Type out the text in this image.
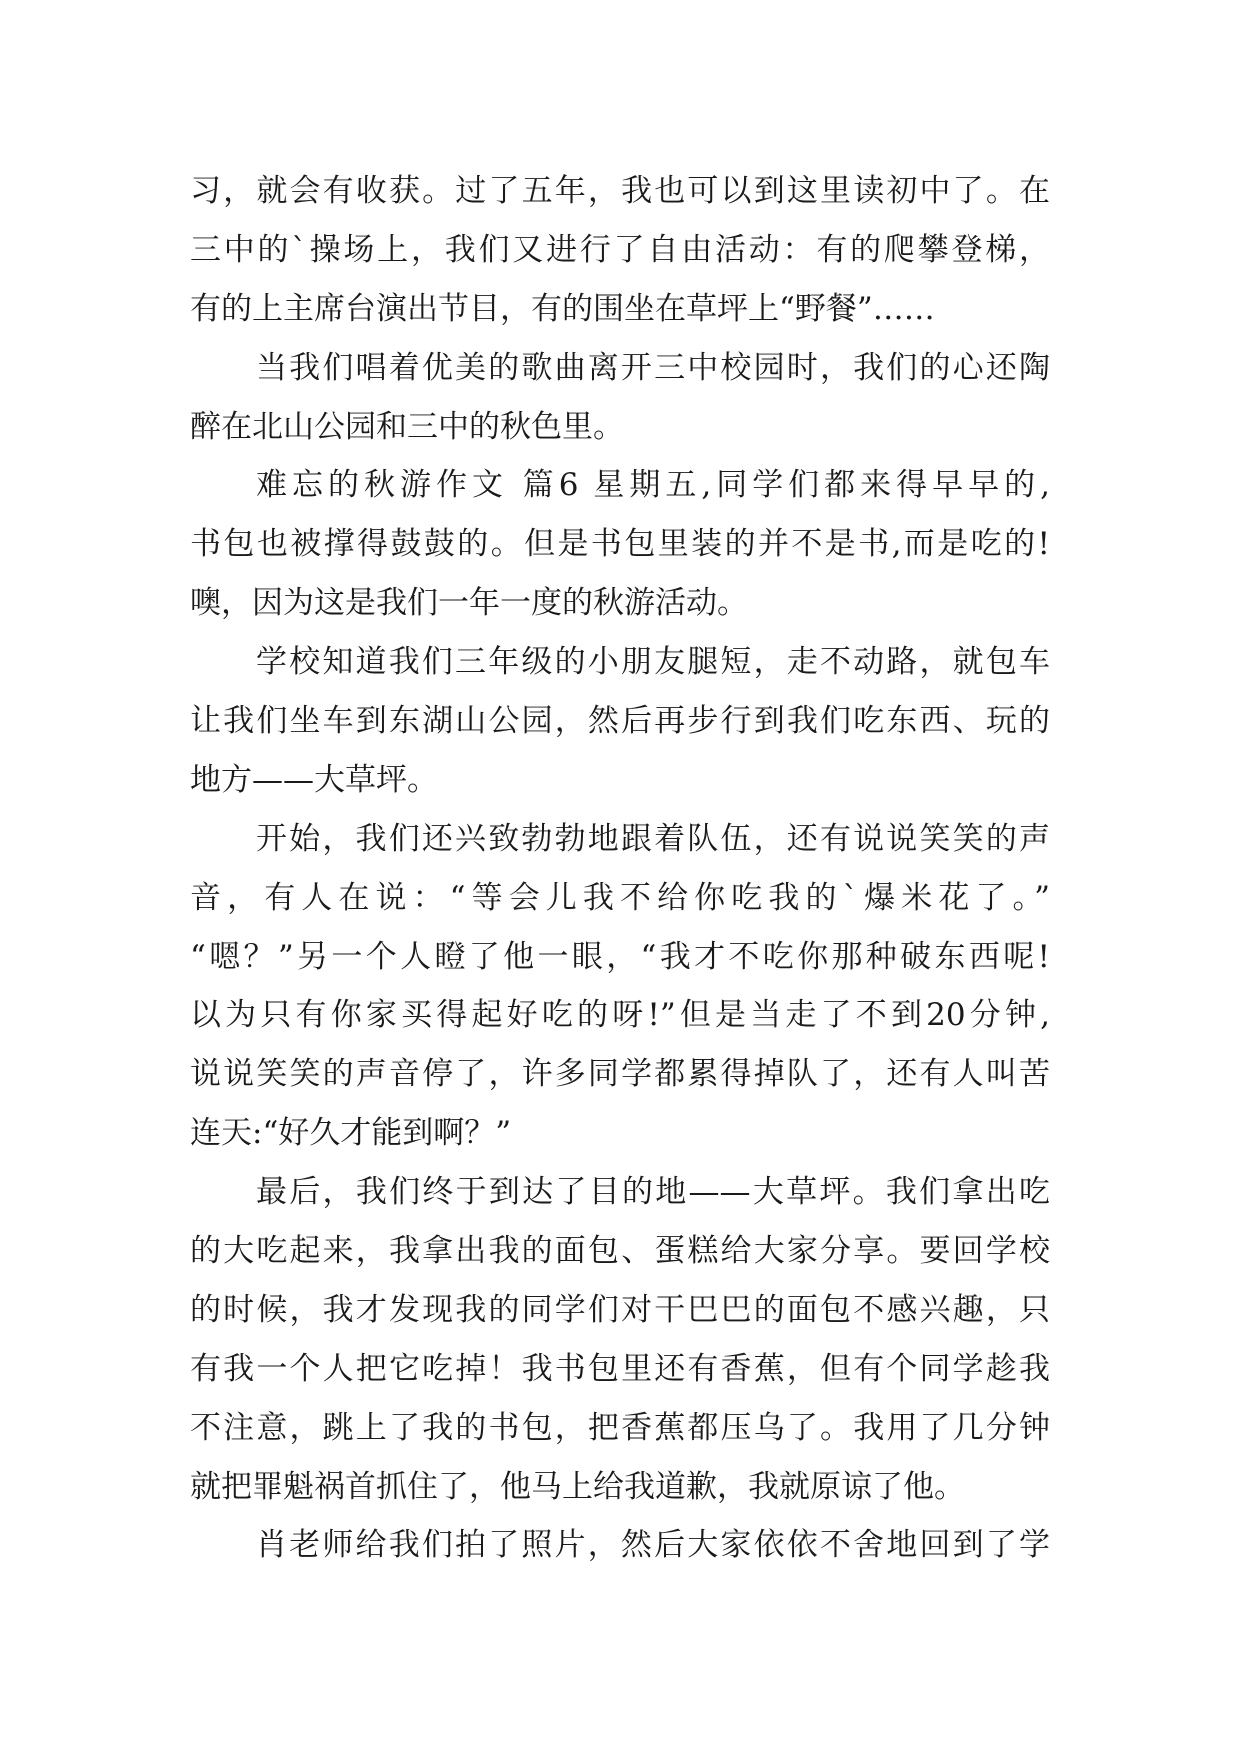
习，就会有收获。过了五年，我也可以到这里读初中了。在
三中的`操场上，我们又进行了自由活动：有的爬攀登梯，
有的上主席台演出节目，有的围坐在草坪上“野餐”……
当我们唱着优美的歌曲离开三中校园时，我们的心还陶
醉在北山公园和三中的秋色里。
难忘的秋游作文 篇6 星期五,同学们都来得早早的,
书包也被撑得鼓鼓的。但是书包里装的并不是书,而是吃的!
噢，因为这是我们一年一度的秋游活动。
学校知道我们三年级的小朋友腿短，走不动路，就包车
让我们坐车到东湖山公园，然后再步行到我们吃东西、玩的
地方——大草坪。
开始，我们还兴致勃勃地跟着队伍，还有说说笑笑的声
音，有人在说：“等会儿我不给你吃我的`爆米花了。”
“嗯？”另一个人瞪了他一眼，“我才不吃你那种破东西呢!
以为只有你家买得起好吃的呀!”但是当走了不到20分钟,
说说笑笑的声音停了，许多同学都累得掉队了，还有人叫苦
连天:“好久才能到啊？”
最后，我们终于到达了目的地——大草坪。我们拿出吃
的大吃起来，我拿出我的面包、蛋糕给大家分享。要回学校
的时候，我才发现我的同学们对干巴巴的面包不感兴趣，只
有我一个人把它吃掉！我书包里还有香蕉，但有个同学趁我
不注意，跳上了我的书包，把香蕉都压乌了。我用了几分钟
就把罪魁祸首抓住了，他马上给我道歉，我就原谅了他。
肖老师给我们拍了照片，然后大家依依不舍地回到了学
